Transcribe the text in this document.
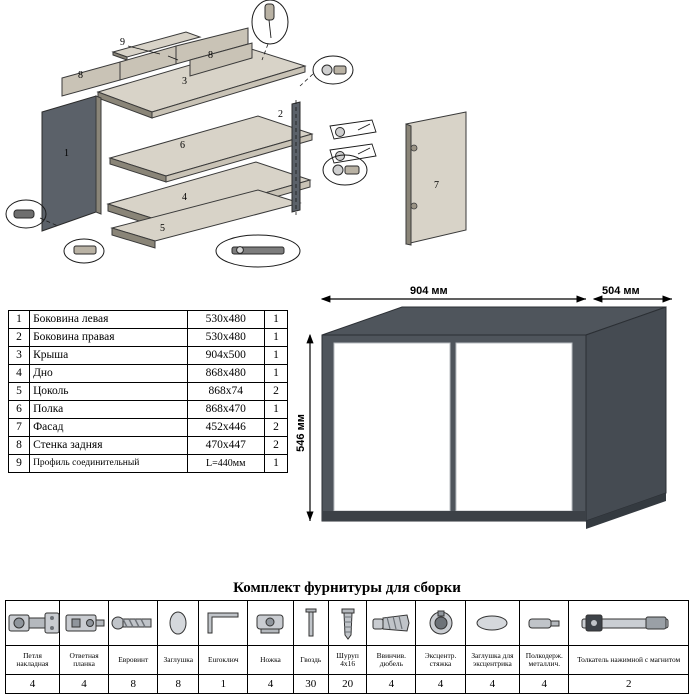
9
8
8
3
2
1
6
4
5
7
1	Боковина левая	530х480	1
2	Боковина правая	530х480	1
3	Крыша	904х500	1
4	Дно	868х480	1
5	Цоколь	868х74	2
6	Полка	868х470	1
7	Фасад	452х446	2
8	Стенка задняя	470х447	2
9	Профиль соединительный	L=440мм	1
904 мм	504 мм
546 мм
Комплект фурнитуры для сборки

Петля накладная	Ответная планка	Евровинт	Заглушка	Euroключ	Ножка	Гвоздь	Шуруп 4х16	Ввинчив. дюбель	Эксцентр. стяжка	Заглушка для эксцентрика	Полкодерж. металлич.	Толкатель нажимной с магнитом
4	4	8	8	1	4	30	20	4	4	4	4	2
